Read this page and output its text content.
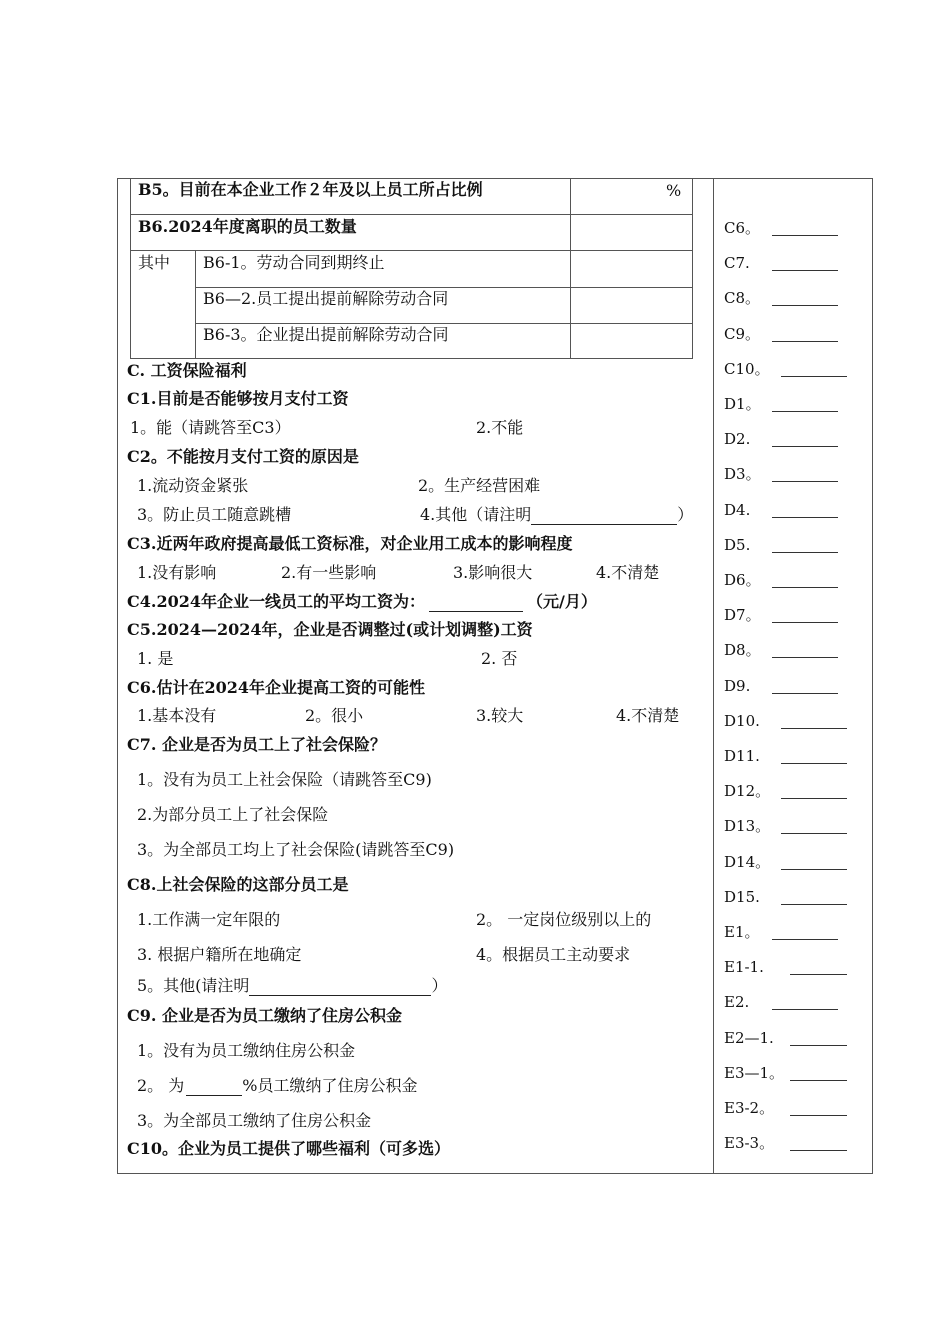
B5。目前在本企业工作２年及以上员工所占比例	%
B6.2024年度离职的员工数量
其中 B6-1。劳动合同到期终止
B6—2.员工提出提前解除劳动合同
B6-3。企业提出提前解除劳动合同
C. 工资保险福利
C1.目前是否能够按月支付工资
1。能（请跳答至C3）	2.不能
C2。不能按月支付工资的原因是
1.流动资金紧张	2。生产经营困难
3。防止员工随意跳槽	4.其他（请注明	）
C3.近两年政府提高最低工资标准，对企业用工成本的影响程度
1.没有影响	2.有一些影响	3.影响很大	4.不清楚
C4.2024年企业一线员工的平均工资为：	（元/月）
C5.2024—2024年，企业是否调整过(或计划调整)工资
1. 是	2. 否
C6.估计在2024年企业提高工资的可能性
1.基本没有	2。很小	3.较大	4.不清楚
C7. 企业是否为员工上了社会保险？
1。没有为员工上社会保险（请跳答至C9)
2.为部分员工上了社会保险
3。为全部员工均上了社会保险(请跳答至C9)
C8.上社会保险的这部分员工是
1.工作满一定年限的	2。 一定岗位级别以上的
3. 根据户籍所在地确定	4。根据员工主动要求
5。其他(请注明	）
C9. 企业是否为员工缴纳了住房公积金
1。没有为员工缴纳住房公积金
2。 为	%员工缴纳了住房公积金
3。为全部员工缴纳了住房公积金
C10。企业为员工提供了哪些福利（可多选）
C6。
C7.
C8。
C9。
C10。
D1。
D2.
D3。
D4.
D5.
D6。
D7。
D8。
D9.
D10.
D11.
D12。
D13。
D14。
D15.
E1。
E1-1.
E2.
E2—1.
E3—1。
E3-2。
E3-3。
